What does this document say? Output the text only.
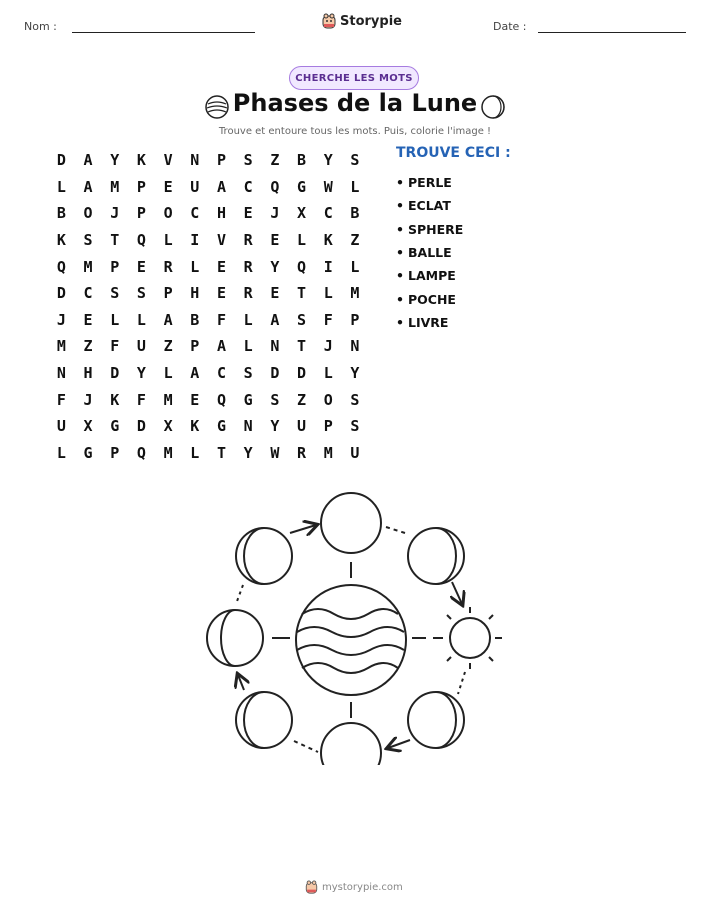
Nom :	Storypie	Date :
CHERCHE LES MOTS
Phases de la Lune
Trouve et entoure tous les mots. Puis, colorie l'image !
D	A	Y	K	V	N	P	S	Z	B	Y	S
L	A	M	P	E	U	A	C	Q	G	W	L
B	O	J	P	O	C	H	E	J	X	C	B
K	S	T	Q	L	I	V	R	E	L	K	Z
Q	M	P	E	R	L	E	R	Y	Q	I	L
D	C	S	S	P	H	E	R	E	T	L	M
J	E	L	L	A	B	F	L	A	S	F	P
M	Z	F	U	Z	P	A	L	N	T	J	N
N	H	D	Y	L	A	C	S	D	D	L	Y
F	J	K	F	M	E	Q	G	S	Z	O	S
U	X	G	D	X	K	G	N	Y	U	P	S
L	G	P	Q	M	L	T	Y	W	R	M	U
TROUVE CECI :
• PERLE
• ECLAT
• SPHERE
• BALLE
• LAMPE
• POCHE
• LIVRE
mystorypie.com
